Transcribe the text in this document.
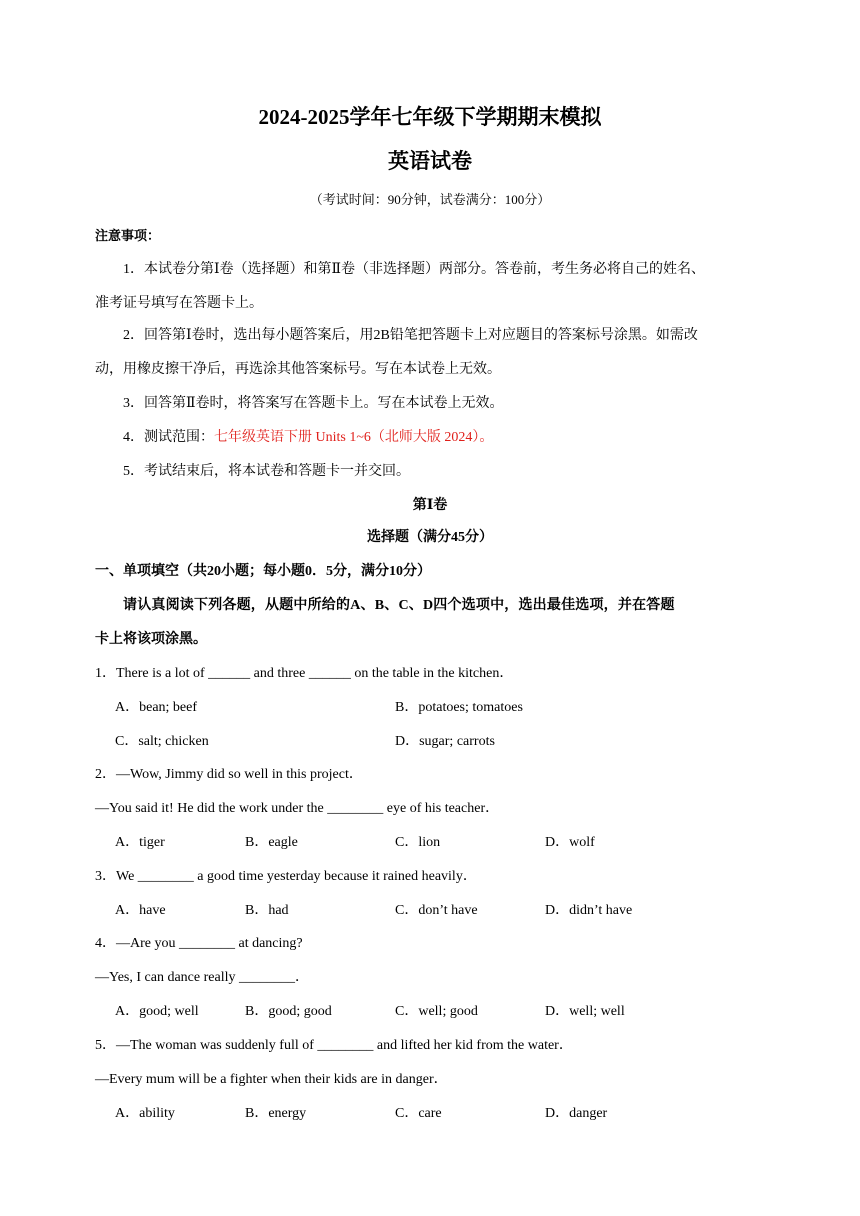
2024-2025学年七年级下学期期末模拟
英语试卷
（考试时间：90分钟，试卷满分：100分）
注意事项：
1．本试卷分第Ⅰ卷（选择题）和第Ⅱ卷（非选择题）两部分。答卷前，考生务必将自己的姓名、
准考证号填写在答题卡上。
2．回答第Ⅰ卷时，选出每小题答案后，用2B铅笔把答题卡上对应题目的答案标号涂黑。如需改
动，用橡皮擦干净后，再选涂其他答案标号。写在本试卷上无效。
3．回答第Ⅱ卷时，将答案写在答题卡上。写在本试卷上无效。
4．测试范围：七年级英语下册 Units 1~6（北师大版 2024）。
5．考试结束后，将本试卷和答题卡一并交回。
第Ⅰ卷
选择题（满分45分）
一、单项填空（共20小题；每小题0．5分，满分10分）
请认真阅读下列各题，从题中所给的A、B、C、D四个选项中，选出最佳选项，并在答题
卡上将该项涂黑。
1．There is a lot of ______ and three ______ on the table in the kitchen．
A．bean; beef	B．potatoes; tomatoes
C．salt; chicken	D．sugar; carrots
2．—Wow, Jimmy did so well in this project．
—You said it! He did the work under the ________ eye of his teacher．
A．tiger	B．eagle	C．lion	D．wolf
3．We ________ a good time yesterday because it rained heavily．
A．have	B．had	C．don’t have	D．didn’t have
4．—Are you ________ at dancing?
—Yes, I can dance really ________．
A．good; well	B．good; good	C．well; good	D．well; well
5．—The woman was suddenly full of ________ and lifted her kid from the water．
—Every mum will be a fighter when their kids are in danger．
A．ability	B．energy	C．care	D．danger
